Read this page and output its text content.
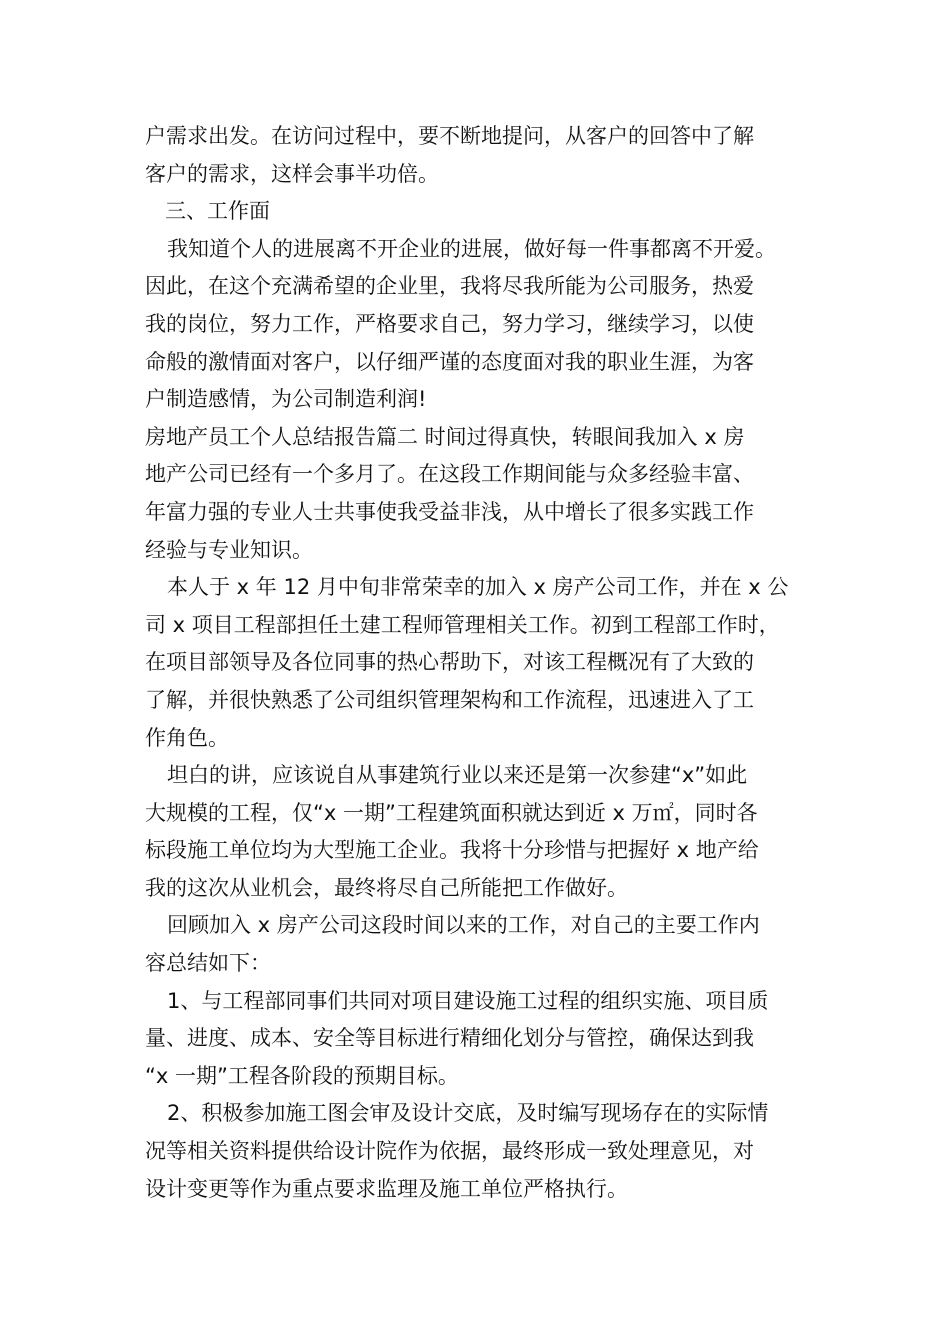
户需求出发。在访问过程中，要不断地提问，从客户的回答中了解
客户的需求，这样会事半功倍。
三、工作面
我知道个人的进展离不开企业的进展，做好每一件事都离不开爱。
因此，在这个充满希望的企业里，我将尽我所能为公司服务，热爱
我的岗位，努力工作，严格要求自己，努力学习，继续学习，以使
命般的激情面对客户，以仔细严谨的态度面对我的职业生涯，为客
户制造感情，为公司制造利润!
房地产员工个人总结报告篇二 时间过得真快，转眼间我加入 x 房
地产公司已经有一个多月了。在这段工作期间能与众多经验丰富、
年富力强的专业人士共事使我受益非浅，从中增长了很多实践工作
经验与专业知识。
本人于 x 年 12 月中旬非常荣幸的加入 x 房产公司工作，并在 x 公
司 x 项目工程部担任土建工程师管理相关工作。初到工程部工作时，
在项目部领导及各位同事的热心帮助下，对该工程概况有了大致的
了解，并很快熟悉了公司组织管理架构和工作流程，迅速进入了工
作角色。
坦白的讲，应该说自从事建筑行业以来还是第一次参建“x”如此
大规模的工程，仅“x 一期”工程建筑面积就达到近 x 万㎡，同时各
标段施工单位均为大型施工企业。我将十分珍惜与把握好 x 地产给
我的这次从业机会，最终将尽自己所能把工作做好。
回顾加入 x 房产公司这段时间以来的工作，对自己的主要工作内
容总结如下：
1、与工程部同事们共同对项目建设施工过程的组织实施、项目质
量、进度、成本、安全等目标进行精细化划分与管控，确保达到我
“x 一期”工程各阶段的预期目标。
2、积极参加施工图会审及设计交底，及时编写现场存在的实际情
况等相关资料提供给设计院作为依据，最终形成一致处理意见，对
设计变更等作为重点要求监理及施工单位严格执行。
